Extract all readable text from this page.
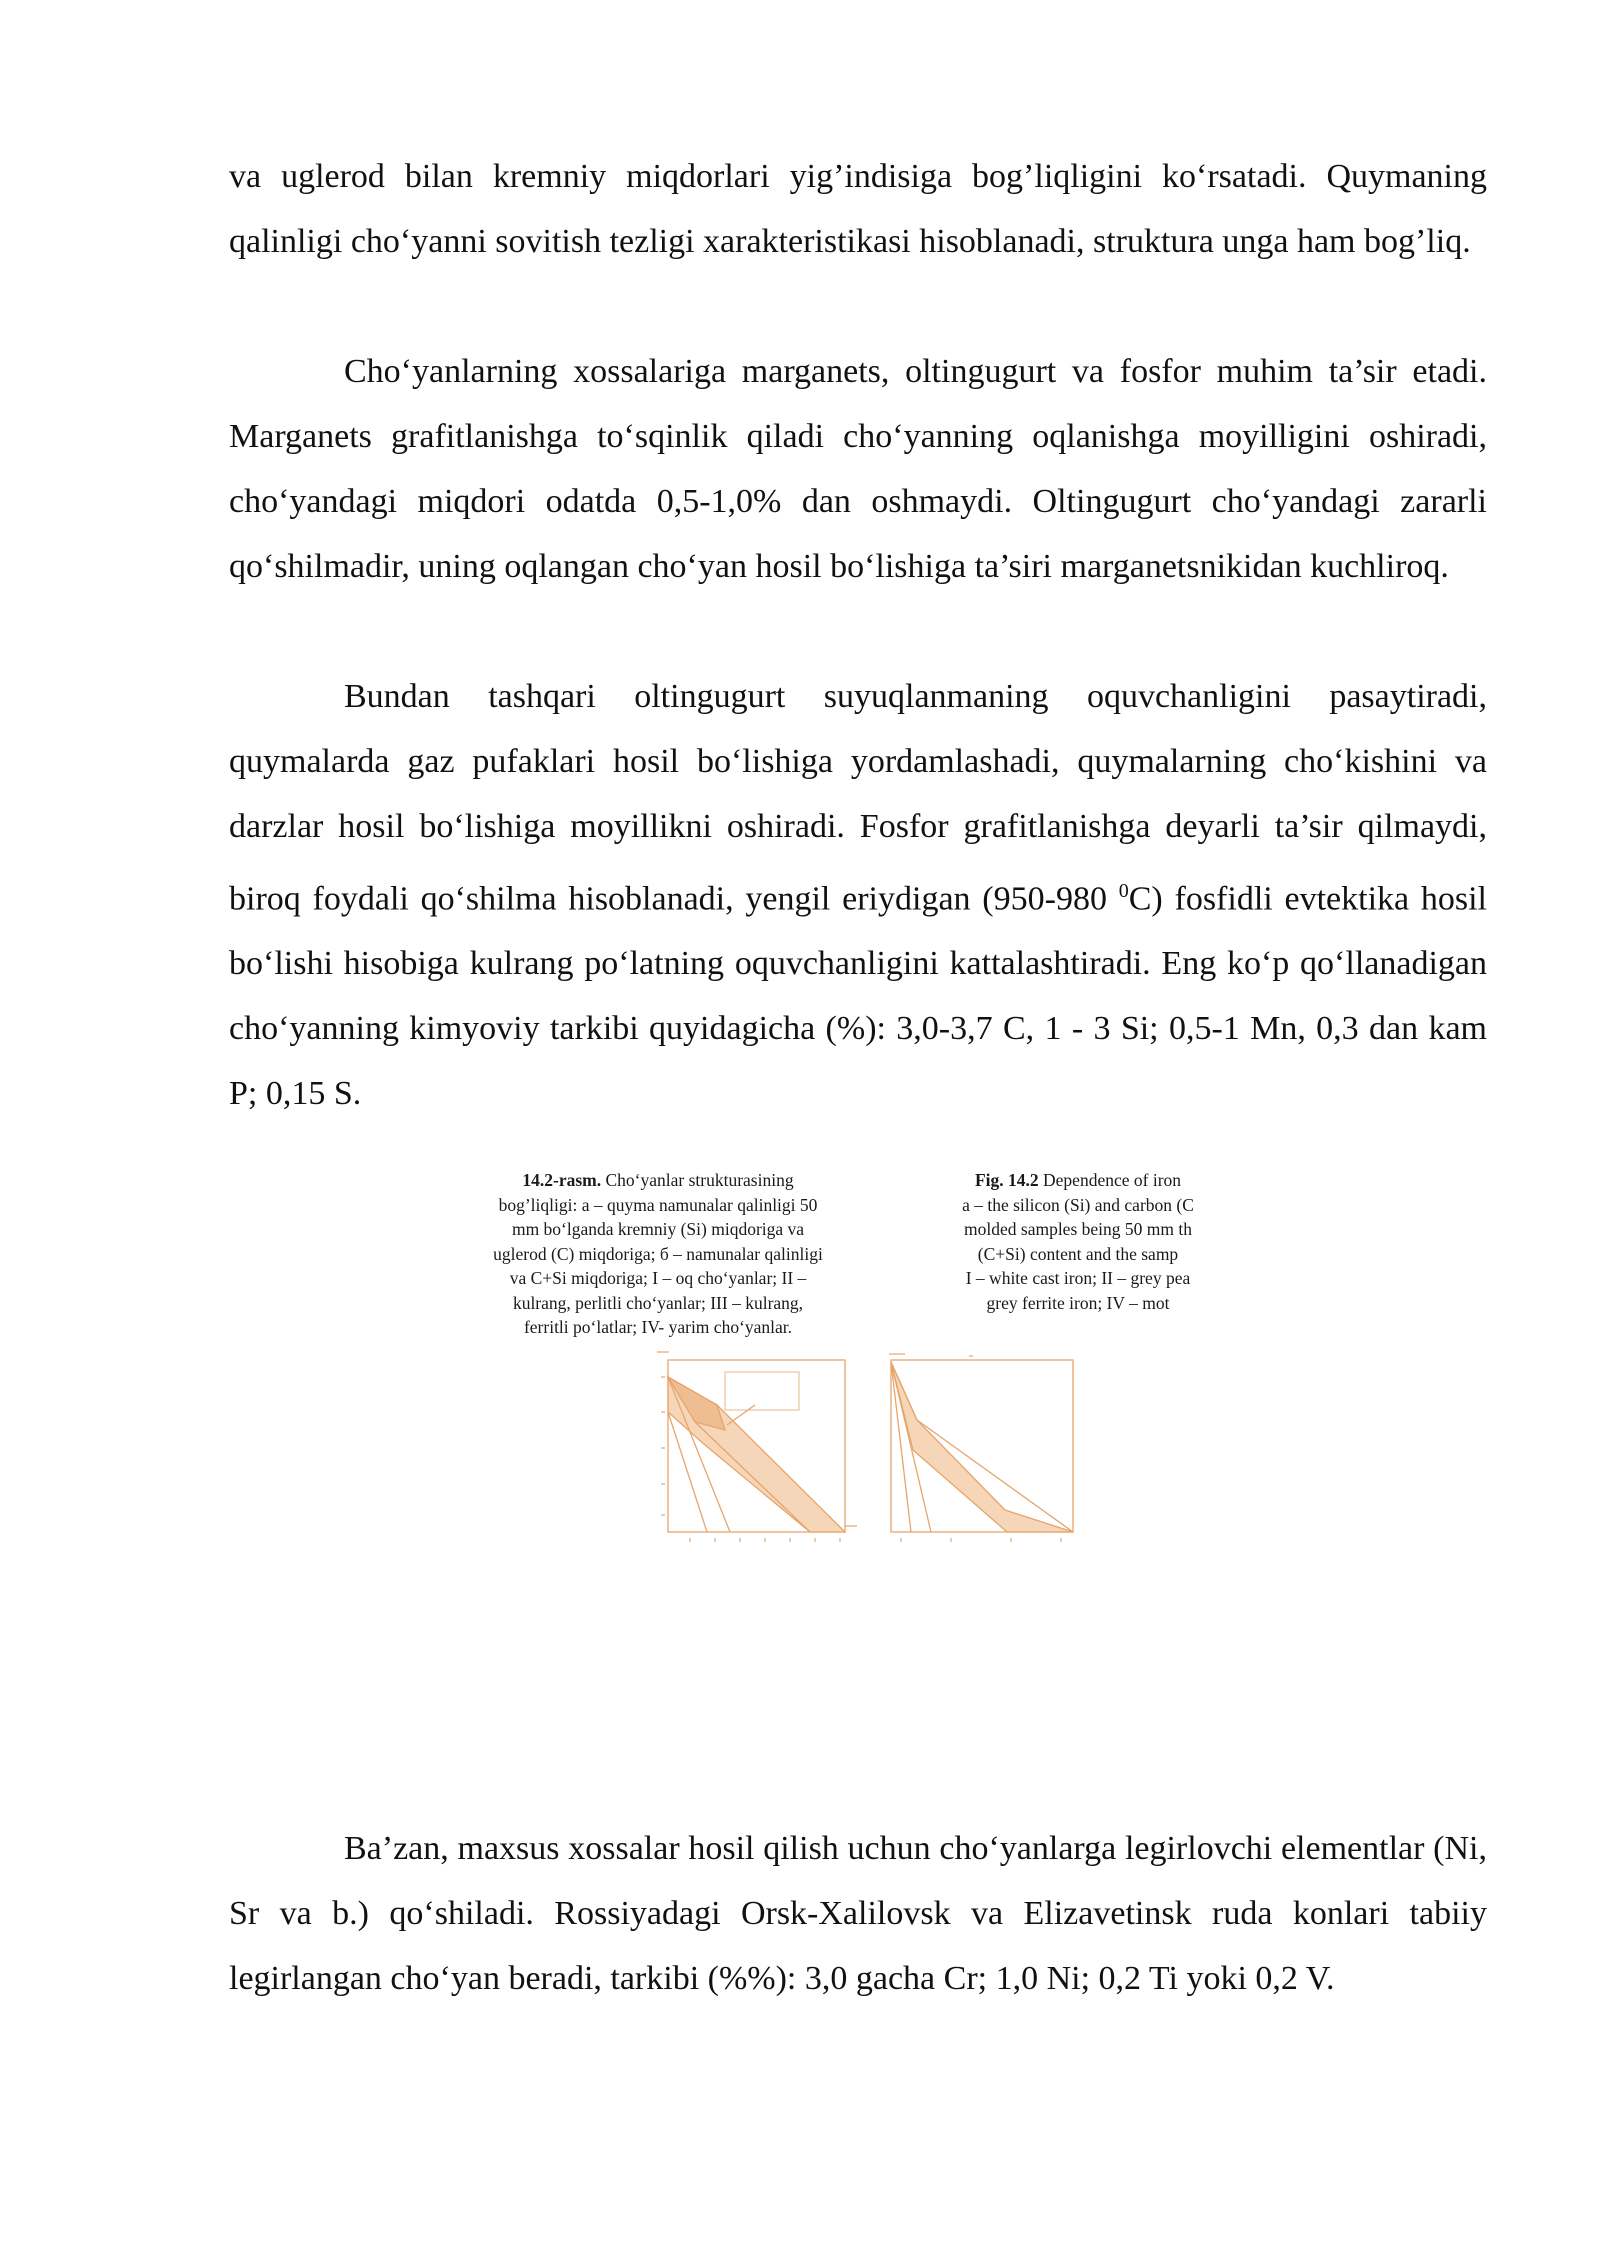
va uglerod bilan kremniy miqdorlari yig’indisiga bog’liqligini ko‘rsatadi. Quymaning qalinligi cho‘yanni sovitish tezligi xarakteristikasi hisoblanadi, struktura unga ham bog’liq.

Cho‘yanlarning xossalariga marganets, oltingugurt va fosfor muhim ta’sir etadi. Marganets grafitlanishga to‘sqinlik qiladi cho‘yanning oqlanishga moyilligini oshiradi, cho‘yandagi miqdori odatda 0,5-1,0% dan oshmaydi. Oltingugurt cho‘yandagi zararli qo‘shilmadir, uning oqlangan cho‘yan hosil bo‘lishiga ta’siri marganetsnikidan kuchliroq.

Bundan tashqari oltingugurt suyuqlanmaning oquvchanligini pasaytiradi, quymalarda gaz pufaklari hosil bo‘lishiga yordamlashadi, quymalarning cho‘kishini va darzlar hosil bo‘lishiga moyillikni oshiradi. Fosfor grafitlanishga deyarli ta’sir qilmaydi, biroq foydali qo‘shilma hisoblanadi, yengil eriydigan (950-980 $^0$C) fosfidli evtektika hosil bo‘lishi hisobiga kulrang po‘latning oquvchanligini kattalashtiradi. Eng ko‘p qo‘llanadigan cho‘yanning kimyoviy tarkibi quyidagicha (%): 3,0-3,7 C, 1 - 3 Si; 0,5-1 Mn, 0,3 dan kam P; 0,15 S.

14.2-rasm. Cho‘yanlar strukturasining
bog’liqligi: a – quyma namunalar qalinligi 50
mm bo‘lganda kremniy (Si) miqdoriga va
uglerod (C) miqdoriga; б – namunalar qalinligi
va C+Si miqdoriga; I – oq cho‘yanlar; II –
kulrang, perlitli cho‘yanlar; III – kulrang,
ferritli po‘latlar; IV- yarim cho‘yanlar.
Fig. 14.2 Dependence of iron
a – the silicon (Si) and carbon (C
molded samples being 50 mm th
(C+Si) content and the samp
I – white cast iron; II – grey pea
grey ferrite iron; IV – mot

Ba’zan, maxsus xossalar hosil qilish uchun cho‘yanlarga legirlovchi elementlar (Ni, Sr va b.) qo‘shiladi. Rossiyadagi Orsk-Xalilovsk va Elizavetinsk ruda konlari tabiiy legirlangan cho‘yan beradi, tarkibi (%%): 3,0 gacha Cr; 1,0 Ni; 0,2 Ti yoki 0,2 V.
